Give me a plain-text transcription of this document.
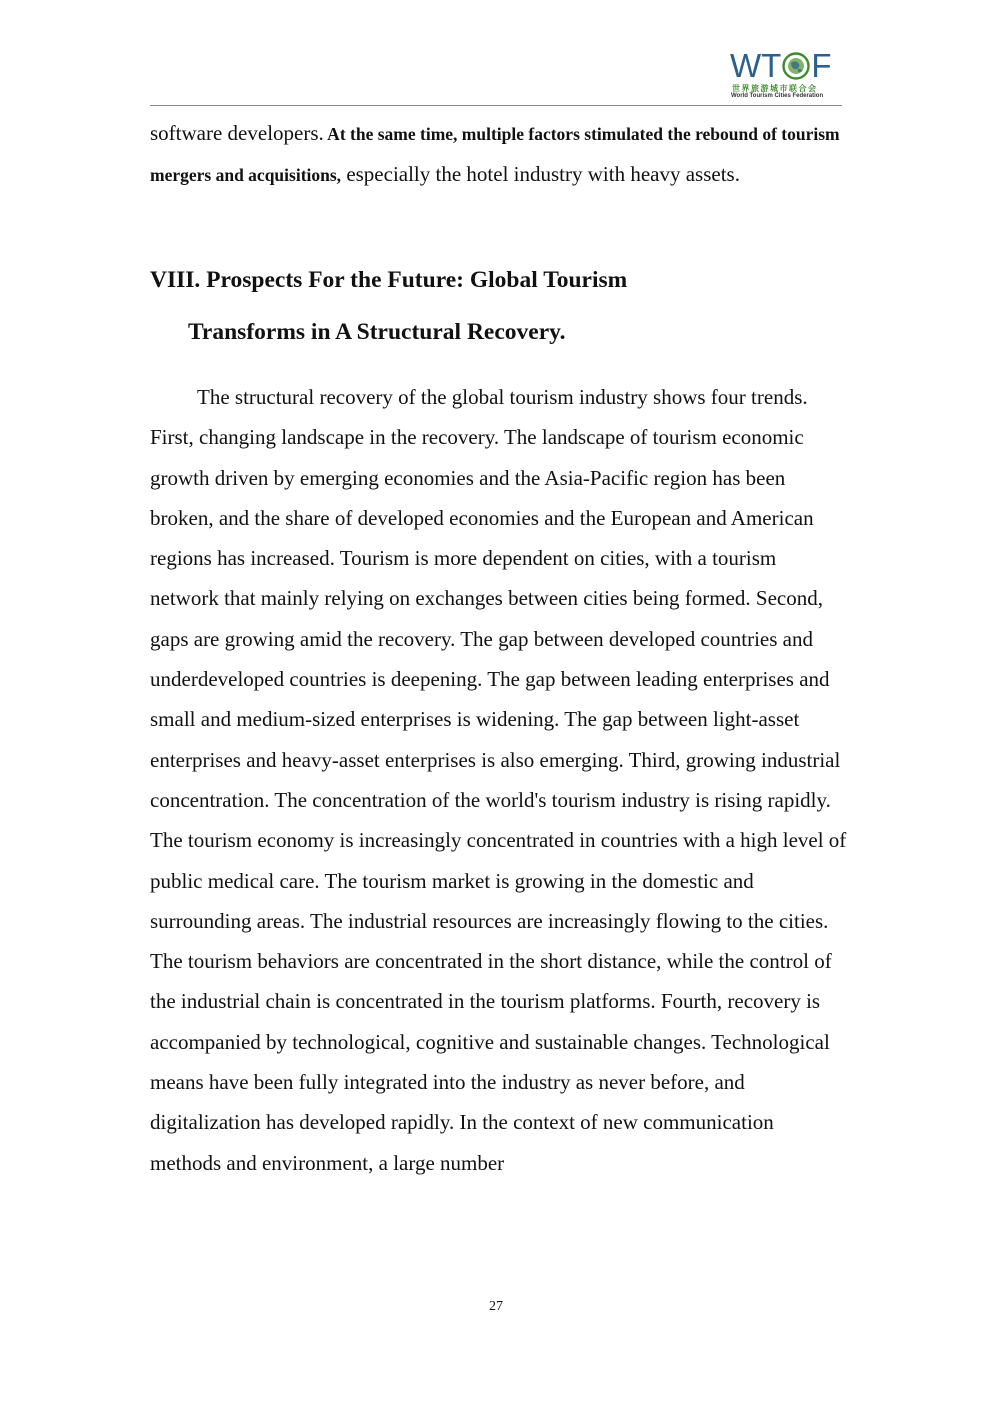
WT F
世界旅游城市联合会
World Tourism Cities Federation

software developers. At the same time, multiple factors stimulated the rebound of tourism mergers and acquisitions, especially the hotel industry with heavy assets.

VIII. Prospects For the Future: Global Tourism
Transforms in A Structural Recovery.

The structural recovery of the global tourism industry shows four trends. First, changing landscape in the recovery. The landscape of tourism economic growth driven by emerging economies and the Asia-Pacific region has been broken, and the share of developed economies and the European and American regions has increased. Tourism is more dependent on cities, with a tourism network that mainly relying on exchanges between cities being formed. Second, gaps are growing amid the recovery. The gap between developed countries and underdeveloped countries is deepening. The gap between leading enterprises and small and medium-sized enterprises is widening. The gap between light-asset enterprises and heavy-asset enterprises is also emerging. Third, growing industrial concentration. The concentration of the world's tourism industry is rising rapidly. The tourism economy is increasingly concentrated in countries with a high level of public medical care. The tourism market is growing in the domestic and surrounding areas. The industrial resources are increasingly flowing to the cities. The tourism behaviors are concentrated in the short distance, while the control of the industrial chain is concentrated in the tourism platforms. Fourth, recovery is accompanied by technological, cognitive and sustainable changes. Technological means have been fully integrated into the industry as never before, and digitalization has developed rapidly. In the context of new communication methods and environment, a large number

27
